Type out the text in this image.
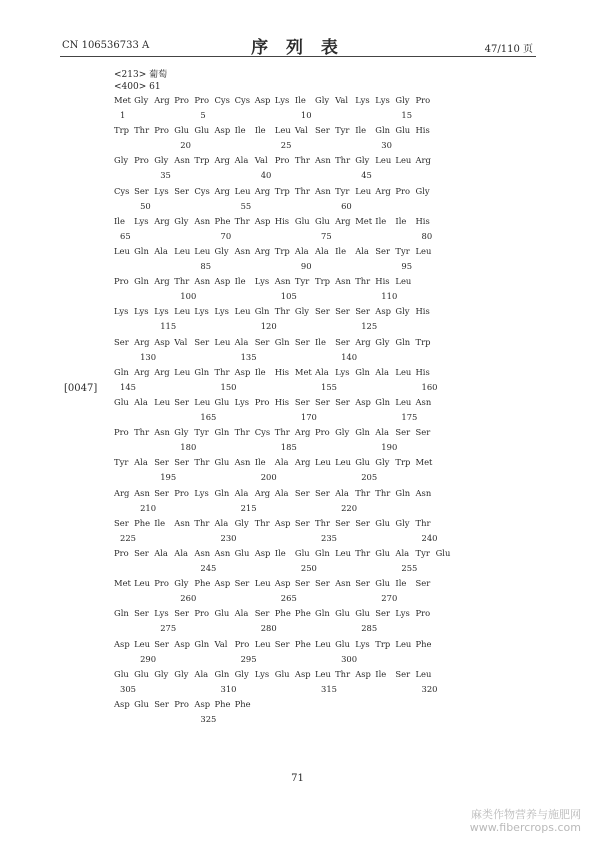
CN 106536733 A	序 列 表	47/110 页
<213> 葡萄
<400> 61
[0047]
Met Gly Arg Pro Pro Cys Cys Asp Lys Ile	Gly Val Lys Lys Gly Pro
1	5	10	15
Trp Thr Pro Glu Glu Asp Ile	Ile	Leu Val Ser Tyr Ile	Gln Glu His
20	25	30
Gly Pro Gly Asn Trp Arg Ala Val Pro Thr Asn Thr Gly Leu Leu Arg
35	40	45
Cys Ser Lys Ser Cys Arg Leu Arg Trp Thr Asn Tyr Leu Arg Pro Gly
50	55	60
Ile	Lys Arg Gly Asn Phe Thr Asp His Glu Glu Arg Met Ile	Ile	His
65	70	75	80
Leu Gln Ala Leu Leu Gly Asn Arg Trp Ala Ala Ile	Ala Ser Tyr Leu
85	90	95
Pro Gln Arg Thr Asn Asp Ile	Lys Asn Tyr Trp Asn Thr His Leu
100	105	110
Lys Lys Lys Leu Lys Lys Leu Gln Thr Gly Ser Ser Ser Asp Gly His
115	120	125
Ser Arg Asp Val Ser Leu Ala Ser Gln Ser Ile	Ser Arg Gly Gln Trp
130	135	140
Gln Arg Arg Leu Gln Thr Asp Ile	His Met Ala Lys Gln Ala Leu His
145	150	155	160
Glu Ala Leu Ser Leu Glu Lys Pro His Ser Ser Ser Asp Gln Leu Asn
165	170	175
Pro Thr Asn Gly Tyr Gln Thr Cys Thr Arg Pro Gly Gln Ala Ser Ser
180	185	190
Tyr Ala Ser Ser Thr Glu Asn Ile	Ala Arg Leu Leu Glu Gly Trp Met
195	200	205
Arg Asn Ser Pro Lys Gln Ala Arg Ala Ser Ser Ala Thr Thr Gln Asn
210	215	220
Ser Phe Ile	Asn Thr Ala Gly Thr Asp Ser Thr Ser Ser Glu Gly Thr
225	230	235	240
Pro Ser Ala Ala Asn Asn Glu Asp Ile	Glu Gln Leu Thr Glu Ala Tyr Glu
245	250	255
Met Leu Pro Gly Phe Asp Ser Leu Asp Ser Ser Asn Ser Glu Ile	Ser
260	265	270
Gln Ser Lys Ser Pro Glu Ala Ser Phe Phe Gln Glu Glu Ser Lys Pro
275	280	285
Asp Leu Ser Asp Gln Val Pro Leu Ser Phe Leu Glu Lys Trp Leu Phe
290	295	300
Glu Glu Gly Gly Ala Gln Gly Lys Glu Asp Leu Thr Asp Ile	Ser Leu
305	310	315	320
Asp Glu Ser Pro Asp Phe Phe
325
71
麻类作物营养与施肥网
www.fibercrops.com
